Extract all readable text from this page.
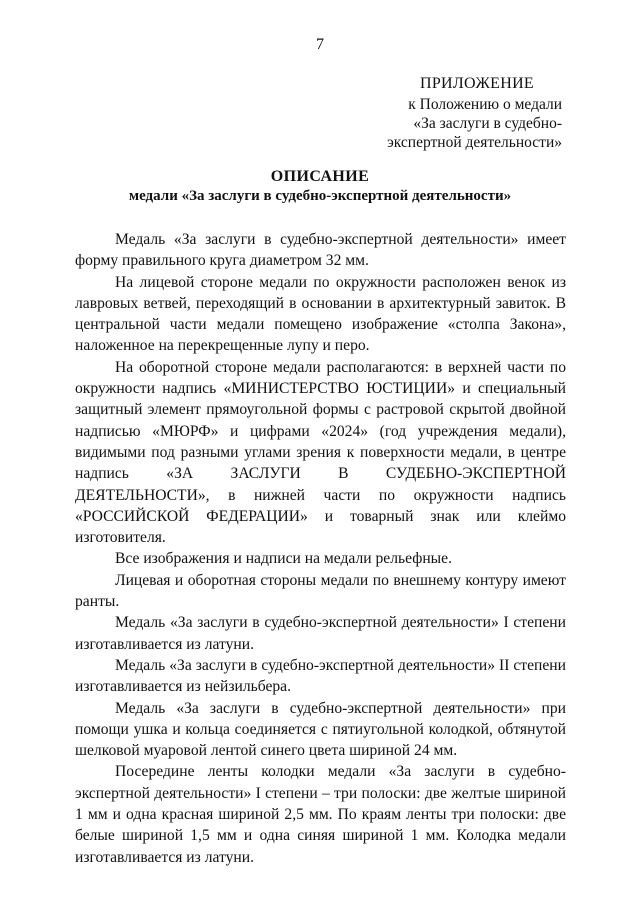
7
ПРИЛОЖЕНИЕ
к Положению о медали
«За заслуги в судебно-
экспертной деятельности»
ОПИСАНИЕ
медали «За заслуги в судебно-экспертной деятельности»

Медаль «За заслуги в судебно-экспертной деятельности» имеет форму правильного круга диаметром 32 мм.

На лицевой стороне медали по окружности расположен венок из лавровых ветвей, переходящий в основании в архитектурный завиток. В центральной части медали помещено изображение «столпа Закона», наложенное на перекрещенные лупу и перо.

На оборотной стороне медали располагаются: в верхней части по окружности надпись «МИНИСТЕРСТВО ЮСТИЦИИ» и специальный защитный элемент прямоугольной формы с растровой скрытой двойной надписью «МЮРФ» и цифрами «2024» (год учреждения медали), видимыми под разными углами зрения к поверхности медали, в центре надпись «ЗА ЗАСЛУГИ В СУДЕБНО-ЭКСПЕРТНОЙ ДЕЯТЕЛЬНОСТИ», в нижней части по окружности надпись «РОССИЙСКОЙ ФЕДЕРАЦИИ» и товарный знак или клеймо изготовителя.

Все изображения и надписи на медали рельефные.

Лицевая и оборотная стороны медали по внешнему контуру имеют ранты.

Медаль «За заслуги в судебно-экспертной деятельности» I степени изготавливается из латуни.

Медаль «За заслуги в судебно-экспертной деятельности» II степени изготавливается из нейзильбера.

Медаль «За заслуги в судебно-экспертной деятельности» при помощи ушка и кольца соединяется с пятиугольной колодкой, обтянутой шелковой муаровой лентой синего цвета шириной 24 мм.

Посередине ленты колодки медали «За заслуги в судебно-экспертной деятельности» I степени – три полоски: две желтые шириной 1 мм и одна красная шириной 2,5 мм. По краям ленты три полоски: две белые шириной 1,5 мм и одна синяя шириной 1 мм. Колодка медали изготавливается из латуни.
